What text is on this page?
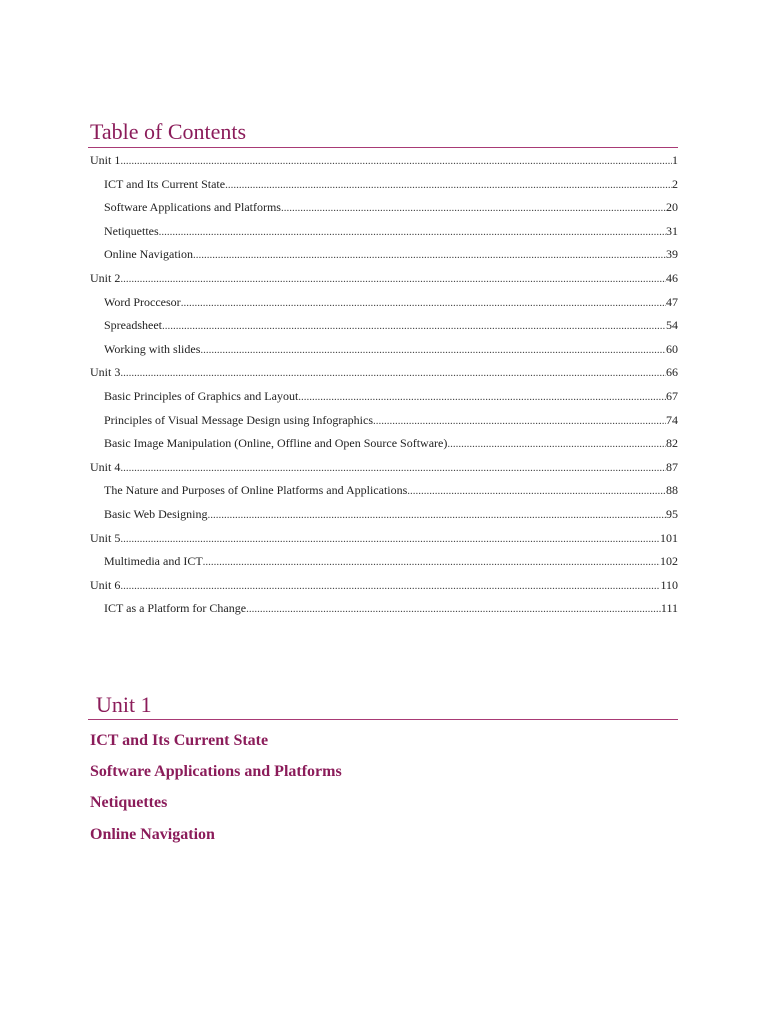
Table of Contents
Unit 1 .....	1
ICT and Its Current State .....	2
Software Applications and Platforms .....	20
Netiquettes .....	31
Online Navigation .....	39
Unit 2 .....	46
Word Proccesor .....	47
Spreadsheet .....	54
Working with slides .....	60
Unit 3 .....	66
Basic Principles of Graphics and Layout .....	67
Principles of Visual Message Design using Infographics .....	74
Basic Image Manipulation (Online, Offline and Open Source Software) .....	82
Unit 4 .....	87
The Nature and Purposes of Online Platforms and Applications .....	88
Basic Web Designing .....	95
Unit 5 .....	101
Multimedia and ICT .....	102
Unit 6 .....	110
ICT as a Platform for Change .....	111
Unit 1
ICT and Its Current State
Software Applications and Platforms
Netiquettes
Online Navigation
